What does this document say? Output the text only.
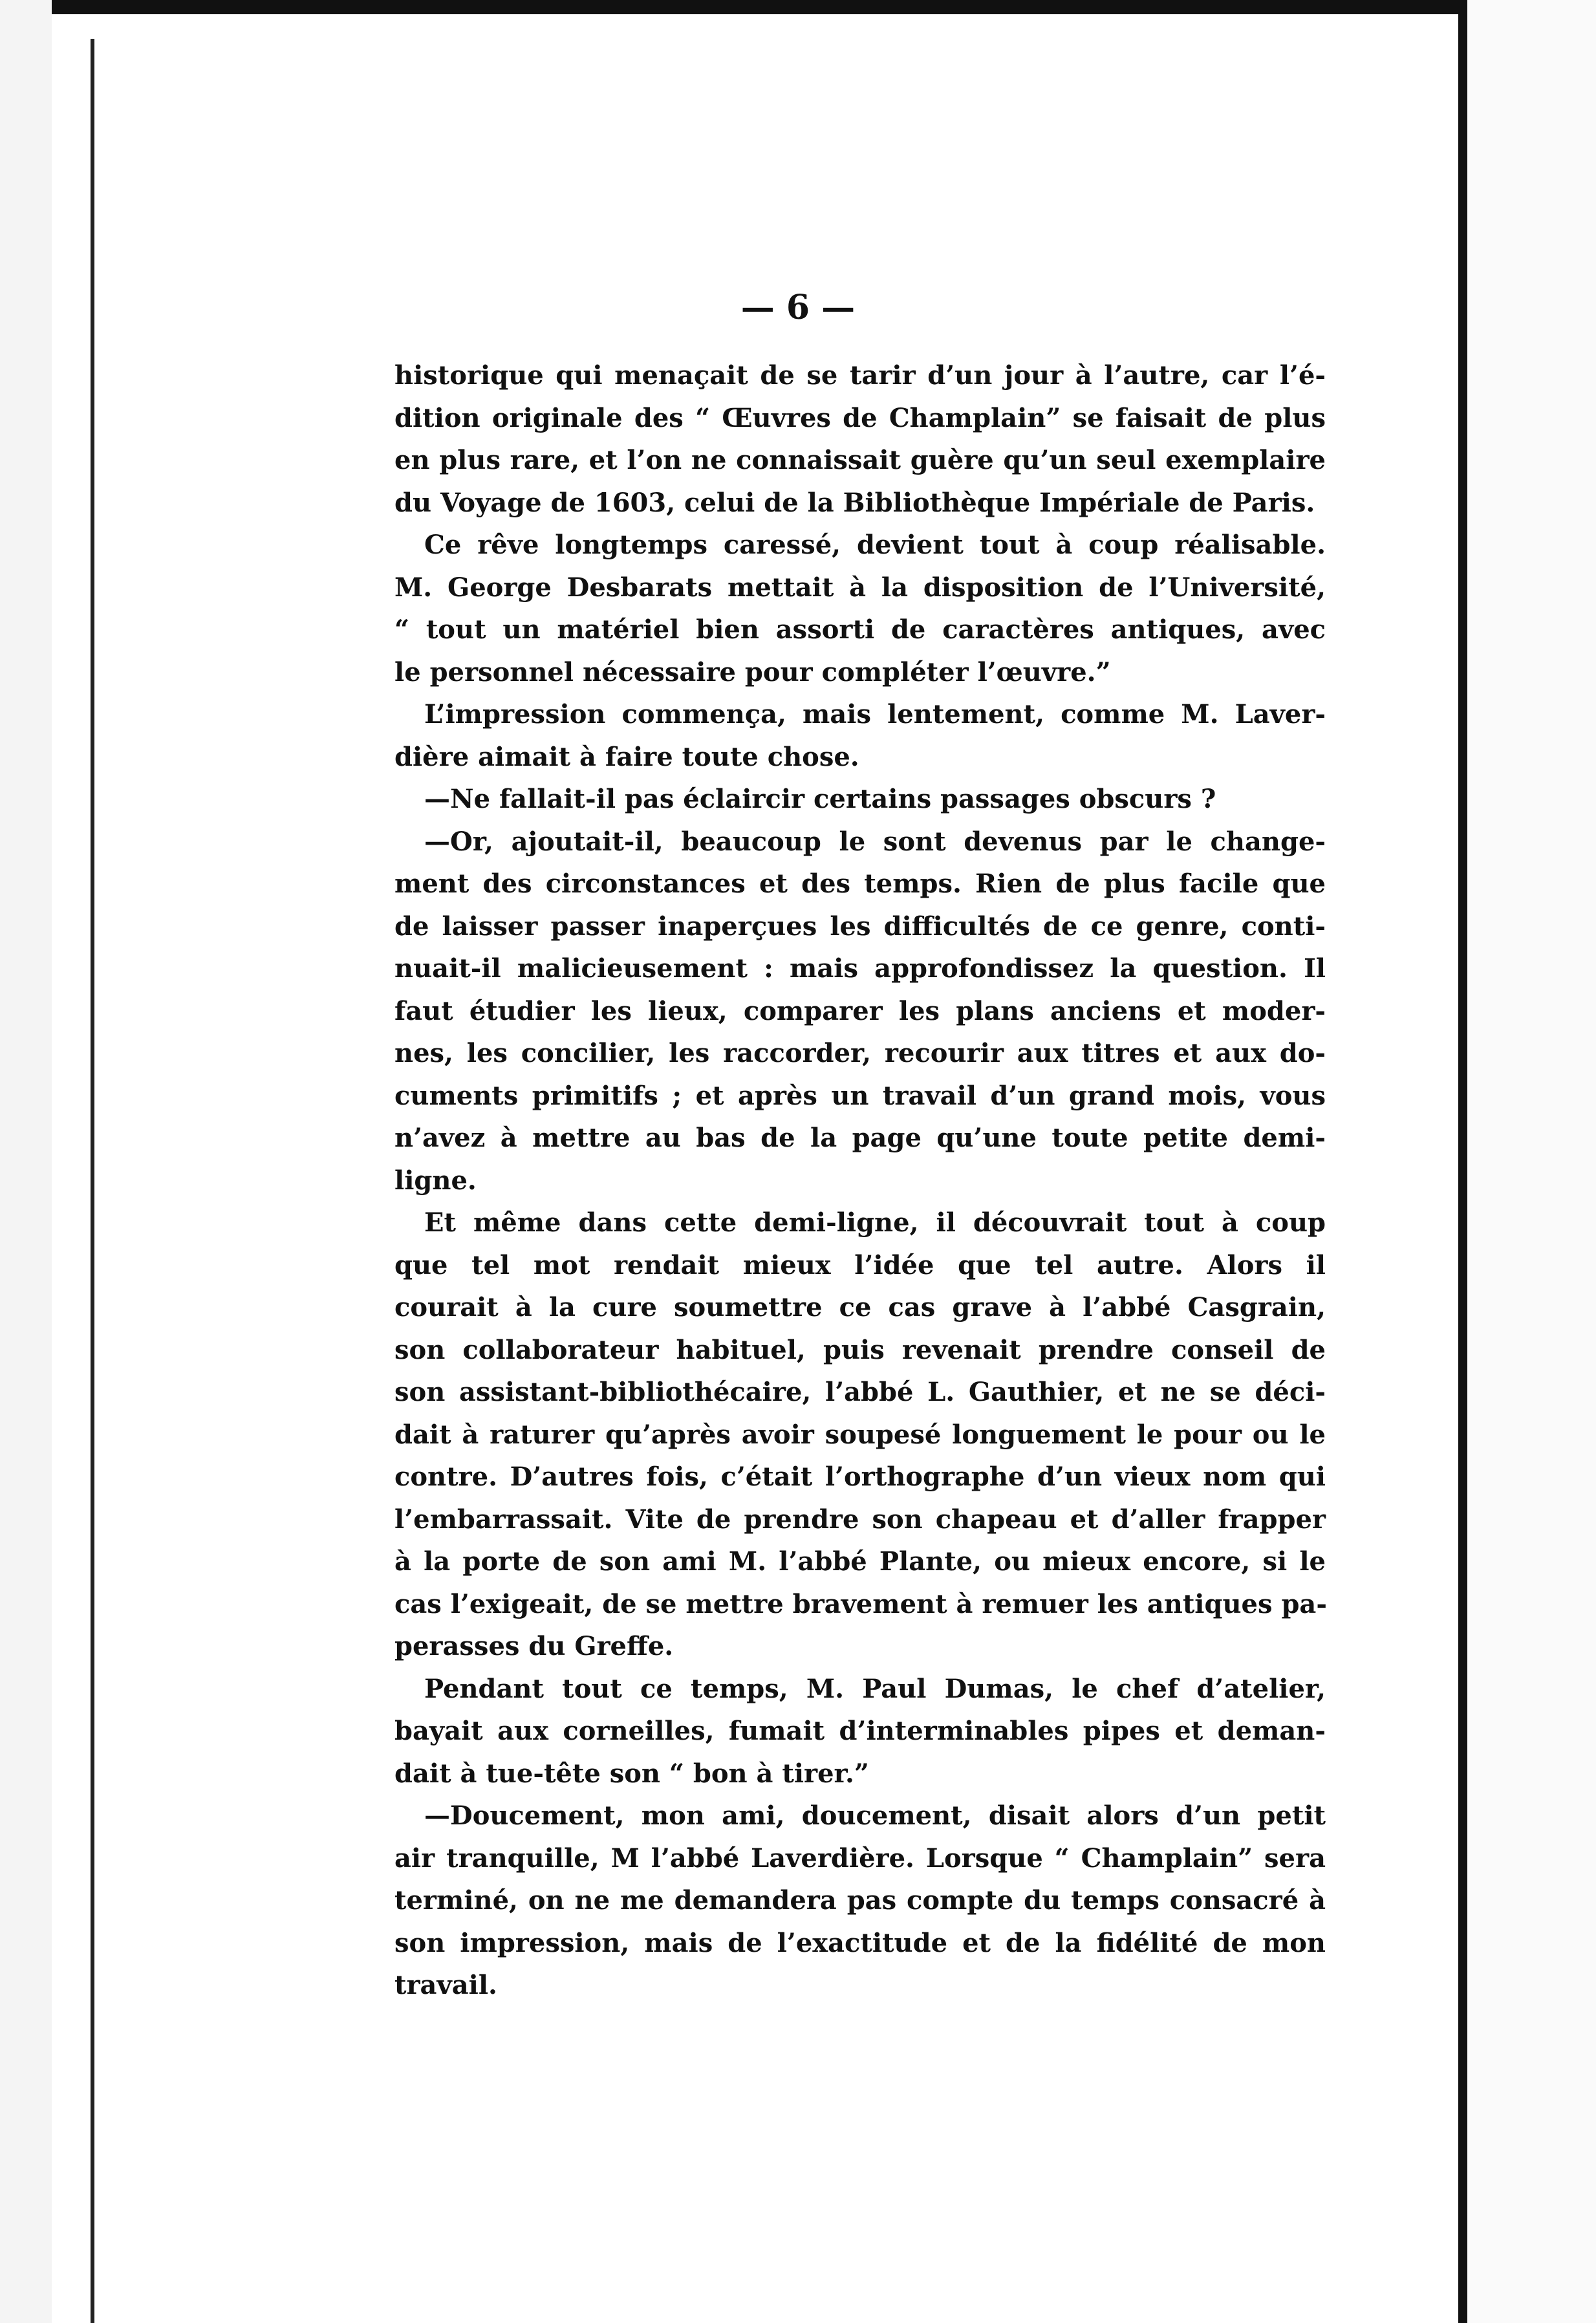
— 6 —

historique qui menaçait de se tarir d’un jour à l’autre, car l’é-
dition originale des “ Œuvres de Champlain” se faisait de plus
en plus rare, et l’on ne connaissait guère qu’un seul exemplaire
du Voyage de 1603, celui de la Bibliothèque Impériale de Paris.

Ce rêve longtemps caressé, devient tout à coup réalisable.
M. George Desbarats mettait à la disposition de l’Université,
“ tout un matériel bien assorti de caractères antiques, avec
le personnel nécessaire pour compléter l’œuvre.”

L’impression commença, mais lentement, comme M. Laver-
dière aimait à faire toute chose.

—Ne fallait-il pas éclaircir certains passages obscurs ?

—Or, ajoutait-il, beaucoup le sont devenus par le change-
ment des circonstances et des temps. Rien de plus facile que
de laisser passer inaperçues les difficultés de ce genre, conti-
nuait-il malicieusement : mais approfondissez la question. Il
faut étudier les lieux, comparer les plans anciens et moder-
nes, les concilier, les raccorder, recourir aux titres et aux do-
cuments primitifs ; et après un travail d’un grand mois, vous
n’avez à mettre au bas de la page qu’une toute petite demi-
ligne.

Et même dans cette demi-ligne, il découvrait tout à coup
que tel mot rendait mieux l’idée que tel autre. Alors il
courait à la cure soumettre ce cas grave à l’abbé Casgrain,
son collaborateur habituel, puis revenait prendre conseil de
son assistant-bibliothécaire, l’abbé L. Gauthier, et ne se déci-
dait à raturer qu’après avoir soupesé longuement le pour ou le
contre. D’autres fois, c’était l’orthographe d’un vieux nom qui
l’embarrassait. Vite de prendre son chapeau et d’aller frapper
à la porte de son ami M. l’abbé Plante, ou mieux encore, si le
cas l’exigeait, de se mettre bravement à remuer les antiques pa-
perasses du Greffe.

Pendant tout ce temps, M. Paul Dumas, le chef d’atelier,
bayait aux corneilles, fumait d’interminables pipes et deman-
dait à tue-tête son “ bon à tirer.”

—Doucement, mon ami, doucement, disait alors d’un petit
air tranquille, M l’abbé Laverdière. Lorsque “ Champlain” sera
terminé, on ne me demandera pas compte du temps consacré à
son impression, mais de l’exactitude et de la fidélité de mon
travail.
